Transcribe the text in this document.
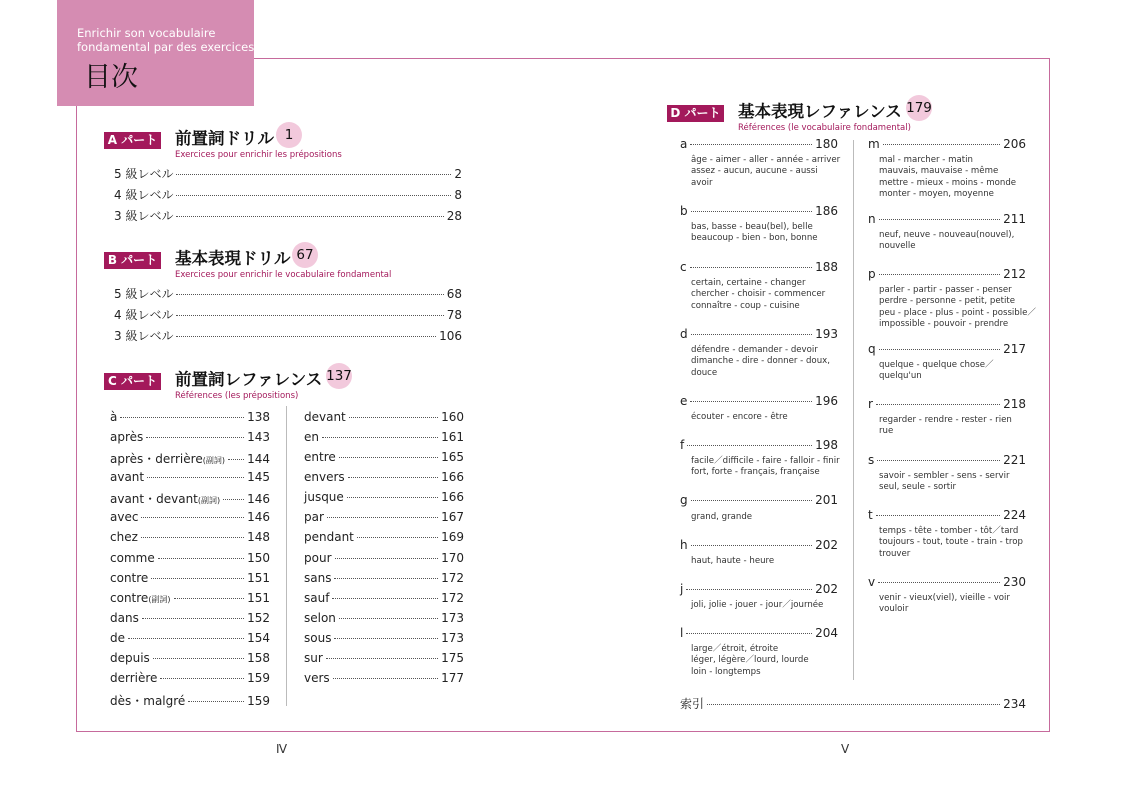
Enrichir son vocabulaire
fondamental par des exercices
目次
A パート 前置詞ドリル 1
Exercices pour enrichir les prépositions
5 級レベル	2
4 級レベル	8
3 級レベル	28
B パート 基本表現ドリル 67
Exercices pour enrichir le vocabulaire fondamental
5 級レベル	68
4 級レベル	78
3 級レベル	106
C パート 前置詞レファレンス 137
Références (les prépositions)
à	138
après	143
après・derrière (副詞) 144
avant	145
avant・devant (副詞) 146
avec	146
chez	148
comme	150
contre	151
contre (副詞)	151
dans	152
de	154
depuis	158
derrière	159
dès・malgré	159
devant	160
en	161
entre	165
envers	166
jusque	166
par	167
pendant	169
pour	170
sans	172
sauf	172
selon	173
sous	173
sur	175
vers	177
D パート 基本表現レファレンス 179
Références (le vocabulaire fondamental)
a	180
âge - aimer - aller - année - arriver
assez - aucun, aucune - aussi
avoir
b	186
bas, basse - beau(bel), belle
beaucoup - bien - bon, bonne
c	188
certain, certaine - changer
chercher - choisir - commencer
connaître - coup - cuisine
d	193
défendre - demander - devoir
dimanche - dire - donner - doux,
douce
e	196
écouter - encore - être
f	198
facile／difficile - faire - falloir - finir
fort, forte - français, française
g	201
grand, grande
h	202
haut, haute - heure
j	202
joli, jolie - jouer - jour／journée
l	204
large／étroit, étroite
léger, légère／lourd, lourde
loin - longtemps
m	206
mal - marcher - matin
mauvais, mauvaise - même
mettre - mieux - moins - monde
monter - moyen, moyenne
n	211
neuf, neuve - nouveau(nouvel),
nouvelle
p	212
parler - partir - passer - penser
perdre - personne - petit, petite
peu - place - plus - point - possible／
impossible - pouvoir - prendre
q	217
quelque - quelque chose／
quelqu'un
r	218
regarder - rendre - rester - rien
rue
s	221
savoir - sembler - sens - servir
seul, seule - sortir
t	224
temps - tête - tomber - tôt／tard
toujours - tout, toute - train - trop
trouver
v	230
venir - vieux(viel), vieille - voir
vouloir
索引	234
Ⅳ	Ⅴ
